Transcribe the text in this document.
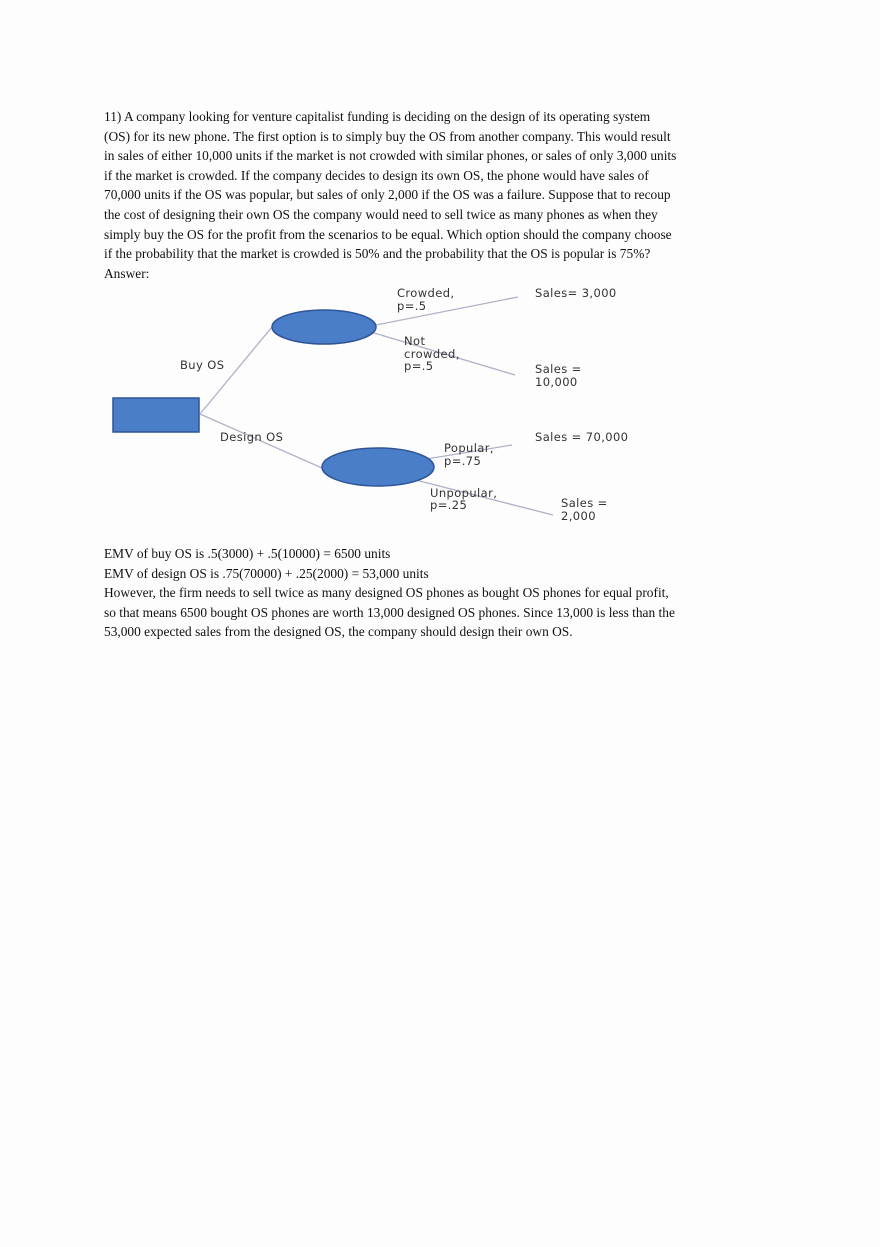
11) A company looking for venture capitalist funding is deciding on the design of its operating system
(OS) for its new phone. The first option is to simply buy the OS from another company. This would result
in sales of either 10,000 units if the market is not crowded with similar phones, or sales of only 3,000 units
if the market is crowded. If the company decides to design its own OS, the phone would have sales of
70,000 units if the OS was popular, but sales of only 2,000 if the OS was a failure. Suppose that to recoup
the cost of designing their own OS the company would need to sell twice as many phones as when they
simply buy the OS for the profit from the scenarios to be equal. Which option should the company choose
if the probability that the market is crowded is 50% and the probability that the OS is popular is 75%?
Answer:
Buy OS
Design OS
Crowded,
p=.5
Sales= 3,000
Not
crowded,
p=.5	Sales =
10,000
Sales = 70,000
Popular,
p=.75
Unpopular,
p=.25	Sales =
2,000
EMV of buy OS is .5(3000) + .5(10000) = 6500 units
EMV of design OS is .75(70000) + .25(2000) = 53,000 units
However, the firm needs to sell twice as many designed OS phones as bought OS phones for equal profit,
so that means 6500 bought OS phones are worth 13,000 designed OS phones. Since 13,000 is less than the
53,000 expected sales from the designed OS, the company should design their own OS.
